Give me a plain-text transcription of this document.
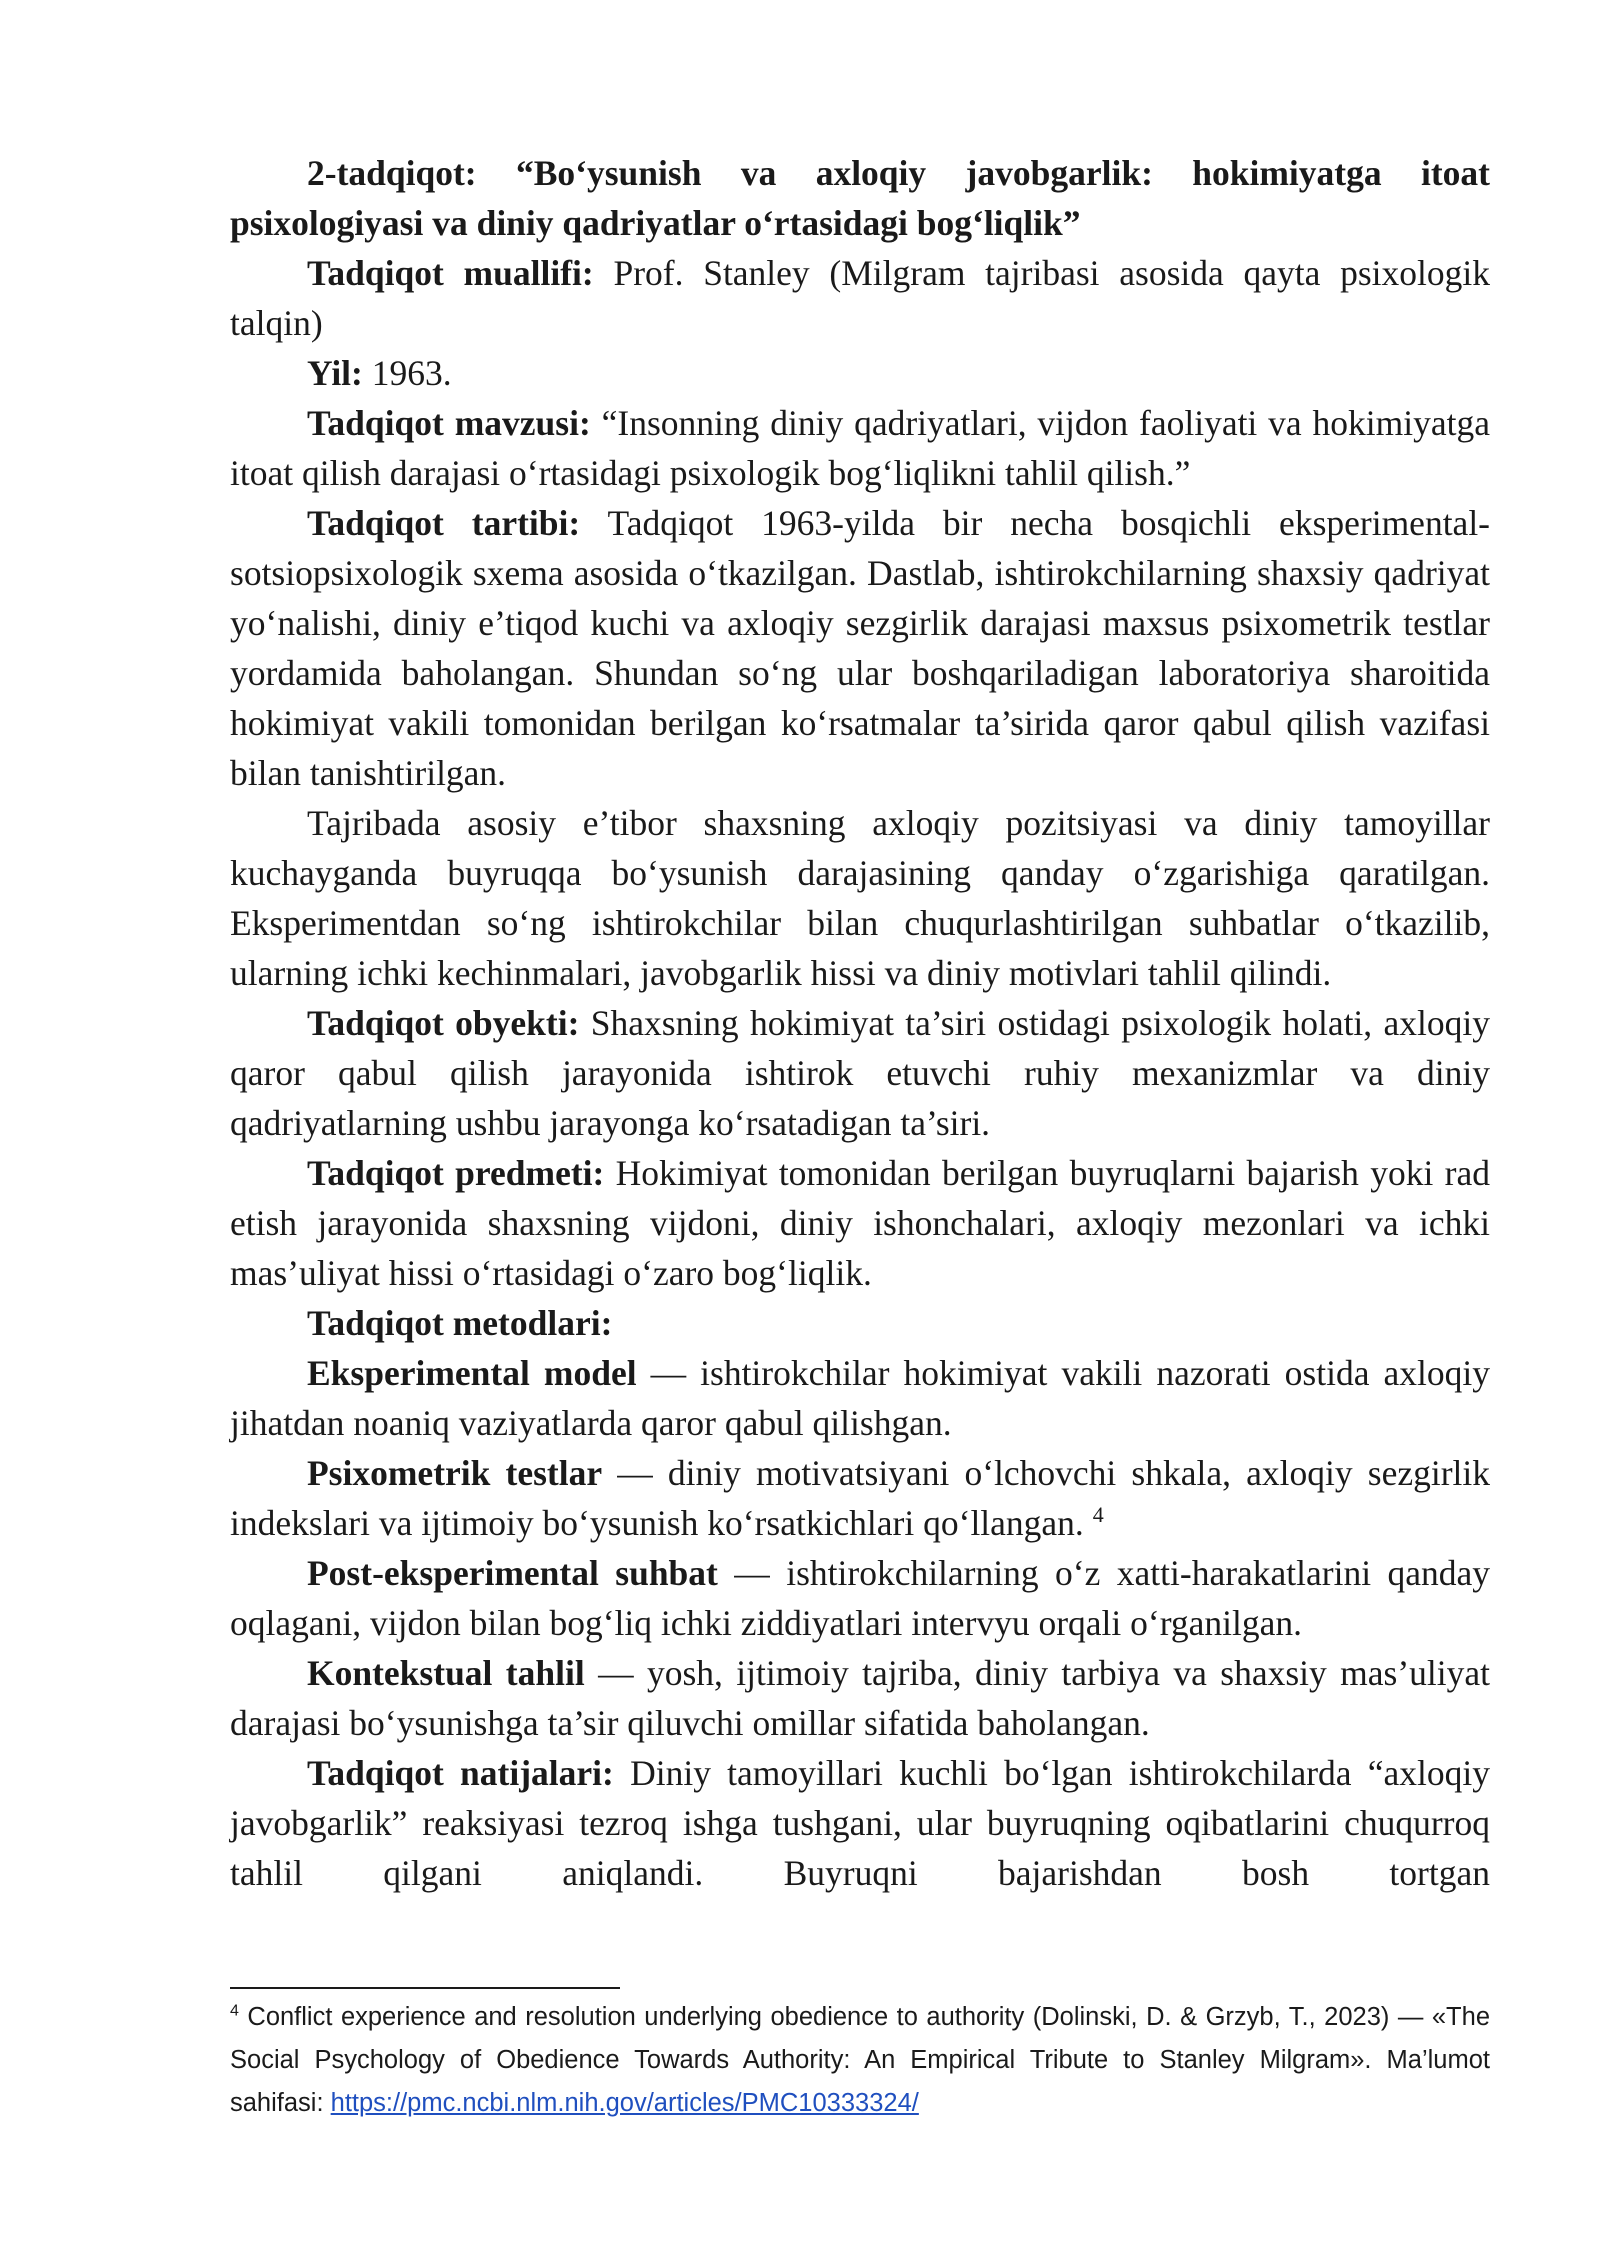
2-tadqiqot: “Bo‘ysunish va axloqiy javobgarlik: hokimiyatga itoat psixologiyasi va diniy qadriyatlar o‘rtasidagi bog‘liqlik”

Tadqiqot muallifi: Prof. Stanley (Milgram tajribasi asosida qayta psixologik talqin)

Yil: 1963.

Tadqiqot mavzusi: “Insonning diniy qadriyatlari, vijdon faoliyati va hokimiyatga itoat qilish darajasi o‘rtasidagi psixologik bog‘liqlikni tahlil qilish.”

Tadqiqot tartibi: Tadqiqot 1963-yilda bir necha bosqichli eksperimental-sotsiopsixologik sxema asosida o‘tkazilgan. Dastlab, ishtirokchilarning shaxsiy qadriyat yo‘nalishi, diniy e’tiqod kuchi va axloqiy sezgirlik darajasi maxsus psixometrik testlar yordamida baholangan. Shundan so‘ng ular boshqariladigan laboratoriya sharoitida hokimiyat vakili tomonidan berilgan ko‘rsatmalar ta’sirida qaror qabul qilish vazifasi bilan tanishtirilgan.

Tajribada asosiy e’tibor shaxsning axloqiy pozitsiyasi va diniy tamoyillar kuchayganda buyruqqa bo‘ysunish darajasining qanday o‘zgarishiga qaratilgan. Eksperimentdan so‘ng ishtirokchilar bilan chuqurlashtirilgan suhbatlar o‘tkazilib, ularning ichki kechinmalari, javobgarlik hissi va diniy motivlari tahlil qilindi.

Tadqiqot obyekti: Shaxsning hokimiyat ta’siri ostidagi psixologik holati, axloqiy qaror qabul qilish jarayonida ishtirok etuvchi ruhiy mexanizmlar va diniy qadriyatlarning ushbu jarayonga ko‘rsatadigan ta’siri.

Tadqiqot predmeti: Hokimiyat tomonidan berilgan buyruqlarni bajarish yoki rad etish jarayonida shaxsning vijdoni, diniy ishonchalari, axloqiy mezonlari va ichki mas’uliyat hissi o‘rtasidagi o‘zaro bog‘liqlik.

Tadqiqot metodlari:

Eksperimental model — ishtirokchilar hokimiyat vakili nazorati ostida axloqiy jihatdan noaniq vaziyatlarda qaror qabul qilishgan.

Psixometrik testlar — diniy motivatsiyani o‘lchovchi shkala, axloqiy sezgirlik indekslari va ijtimoiy bo‘ysunish ko‘rsatkichlari qo‘llangan. $^4$

Post-eksperimental suhbat — ishtirokchilarning o‘z xatti-harakatlarini qanday oqlagani, vijdon bilan bog‘liq ichki ziddiyatlari intervyu orqali o‘rganilgan.

Kontekstual tahlil — yosh, ijtimoiy tajriba, diniy tarbiya va shaxsiy mas’uliyat darajasi bo‘ysunishga ta’sir qiluvchi omillar sifatida baholangan.

Tadqiqot natijalari: Diniy tamoyillari kuchli bo‘lgan ishtirokchilarda “axloqiy javobgarlik” reaksiyasi tezroq ishga tushgani, ular buyruqning oqibatlarini chuqurroq tahlil qilgani aniqlandi. Buyruqni bajarishdan bosh tortgan

$^4$ Conflict experience and resolution underlying obedience to authority (Dolinski, D. & Grzyb, T., 2023) — «The Social Psychology of Obedience Towards Authority: An Empirical Tribute to Stanley Milgram». Ma’lumot sahifasi: https://pmc.ncbi.nlm.nih.gov/articles/PMC10333324/
